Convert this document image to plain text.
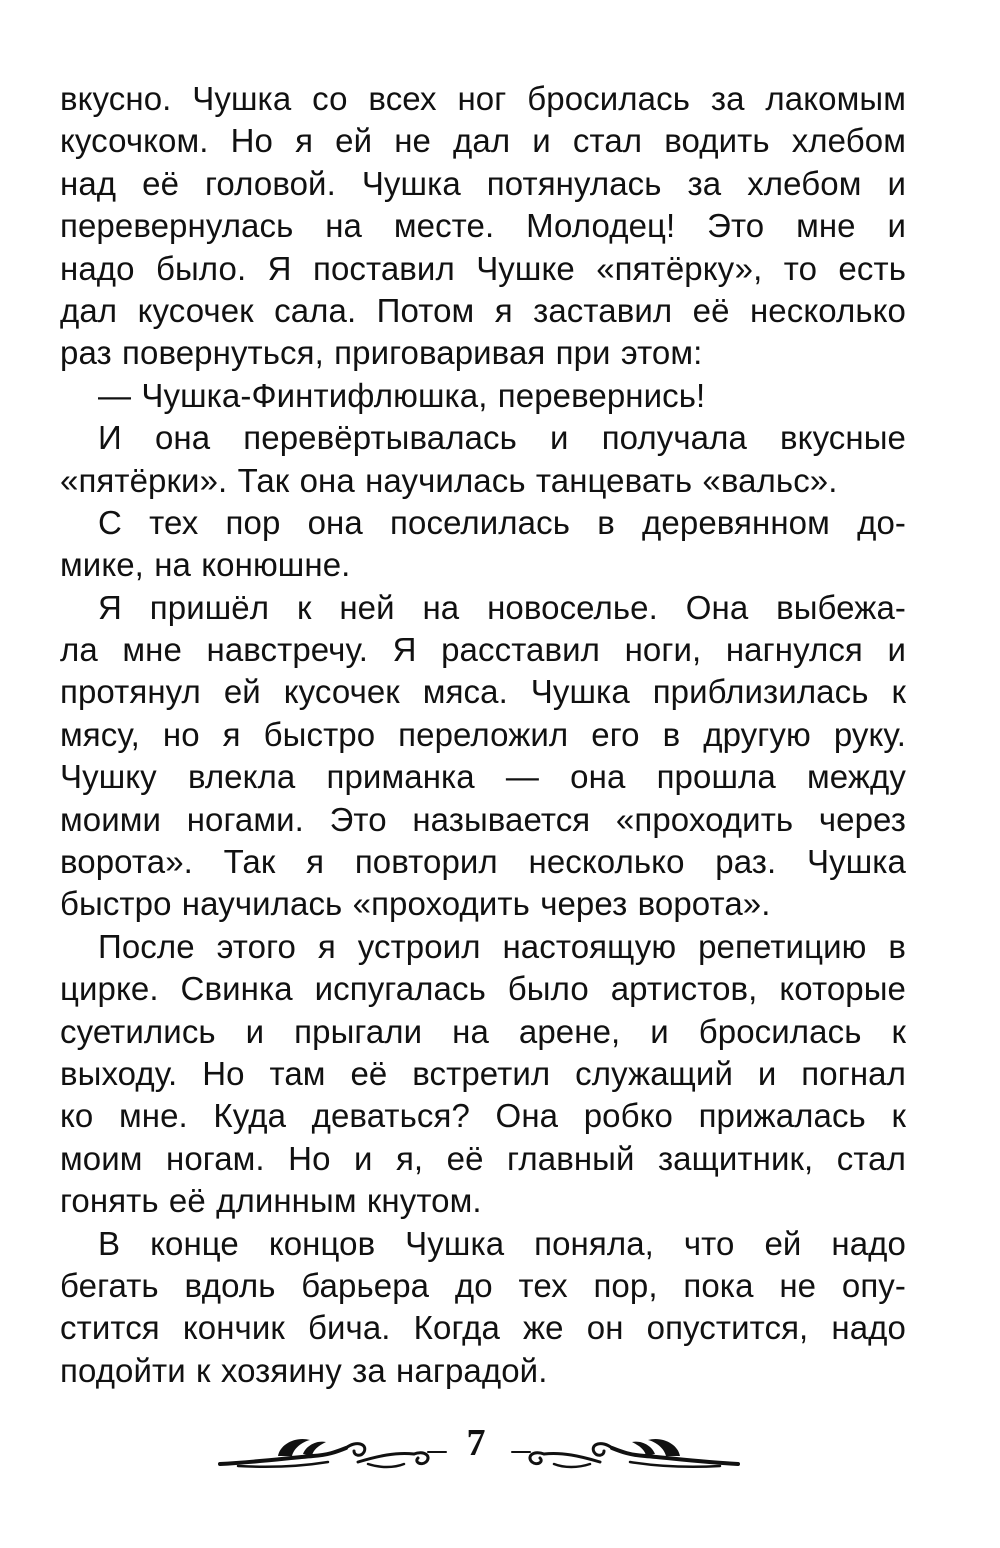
вкусно. Чушка со всех ног бросилась за лакомым
кусочком. Но я ей не дал и стал водить хлебом
над её головой. Чушка потянулась за хлебом и
перевернулась на месте. Молодец! Это мне и
надо было. Я поставил Чушке «пятёрку», то есть
дал кусочек сала. Потом я заставил её несколько
раз повернуться, приговаривая при этом:
— Чушка-Финтифлюшка, перевернись!
И она перевёртывалась и получала вкусные
«пятёрки». Так она научилась танцевать «вальс».
С тех пор она поселилась в деревянном до-
мике, на конюшне.
Я пришёл к ней на новоселье. Она выбежа-
ла мне навстречу. Я расставил ноги, нагнулся и
протянул ей кусочек мяса. Чушка приблизилась к
мясу, но я быстро переложил его в другую руку.
Чушку влекла приманка — она прошла между
моими ногами. Это называется «проходить через
ворота». Так я повторил несколько раз. Чушка
быстро научилась «проходить через ворота».
После этого я устроил настоящую репетицию в
цирке. Свинка испугалась было артистов, которые
суетились и прыгали на арене, и бросилась к
выходу. Но там её встретил служащий и погнал
ко мне. Куда деваться? Она робко прижалась к
моим ногам. Но и я, её главный защитник, стал
гонять её длинным кнутом.
В конце концов Чушка поняла, что ей надо
бегать вдоль барьера до тех пор, пока не опу-
стится кончик бича. Когда же он опустится, надо
подойти к хозяину за наградой.
7
